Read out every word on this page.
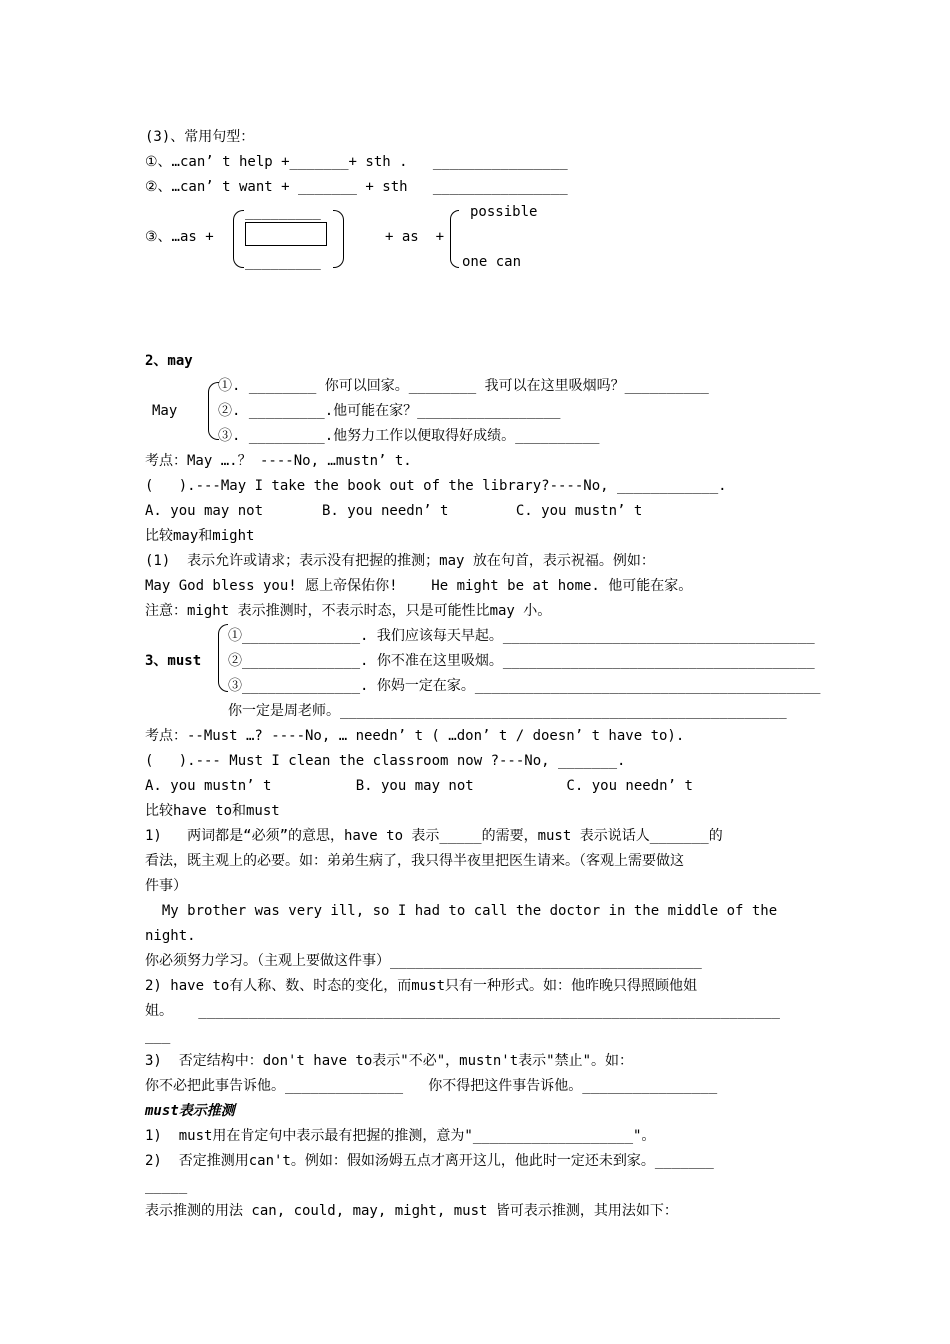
(3)、常用句型：
①、…can’ t help +_______+ sth .   ________________
②、…can’ t want + _______ + sth   ________________
③、…as +
_________
_________
+ as  +
possible
one can
2、may
May
①. ________ 你可以回家。________ 我可以在这里吸烟吗？__________
②. _________.他可能在家？_________________
③. _________.他努力工作以便取得好成绩。__________
考点：May ….？ ----No, …mustn’ t.
(   ).---May I take the book out of the library?----No, ____________.
A. you may not       B. you needn’ t        C. you mustn’ t
比较may和might
(1)  表示允许或请求；表示没有把握的推测；may 放在句首，表示祝福。例如：
May God bless you! 愿上帝保佑你!    He might be at home. 他可能在家。
注意：might 表示推测时，不表示时态，只是可能性比may 小。
3、must
①______________. 我们应该每天早起。_____________________________________
②______________. 你不准在这里吸烟。_____________________________________
③______________. 你妈一定在家。_________________________________________
你一定是周老师。_____________________________________________________
考点：--Must …? ----No, … needn’ t ( …don’ t / doesn’ t have to).
(   ).--- Must I clean the classroom now ?---No, _______.
A. you mustn’ t          B. you may not           C. you needn’ t
比较have to和must
1)   两词都是“必须”的意思，have to 表示_____的需要，must 表示说话人_______的
看法，既主观上的必要。如：弟弟生病了，我只得半夜里把医生请来。（客观上需要做这
件事）
My brother was very ill, so I had to call the doctor in the middle of the
night.
你必须努力学习。（主观上要做这件事）_____________________________________
2) have to有人称、数、时态的变化，而must只有一种形式。如：他昨晚只得照顾他姐
姐。   _____________________________________________________________________
___
3)  否定结构中：don't have to表示"不必"，mustn't表示"禁止"。如：
你不必把此事告诉他。______________   你不得把这件事告诉他。________________
must表示推测
1)  must用在肯定句中表示最有把握的推测，意为"___________________"。
2)  否定推测用can't。例如：假如汤姆五点才离开这儿，他此时一定还未到家。_______
_____
表示推测的用法 can, could, may, might, must 皆可表示推测，其用法如下：
